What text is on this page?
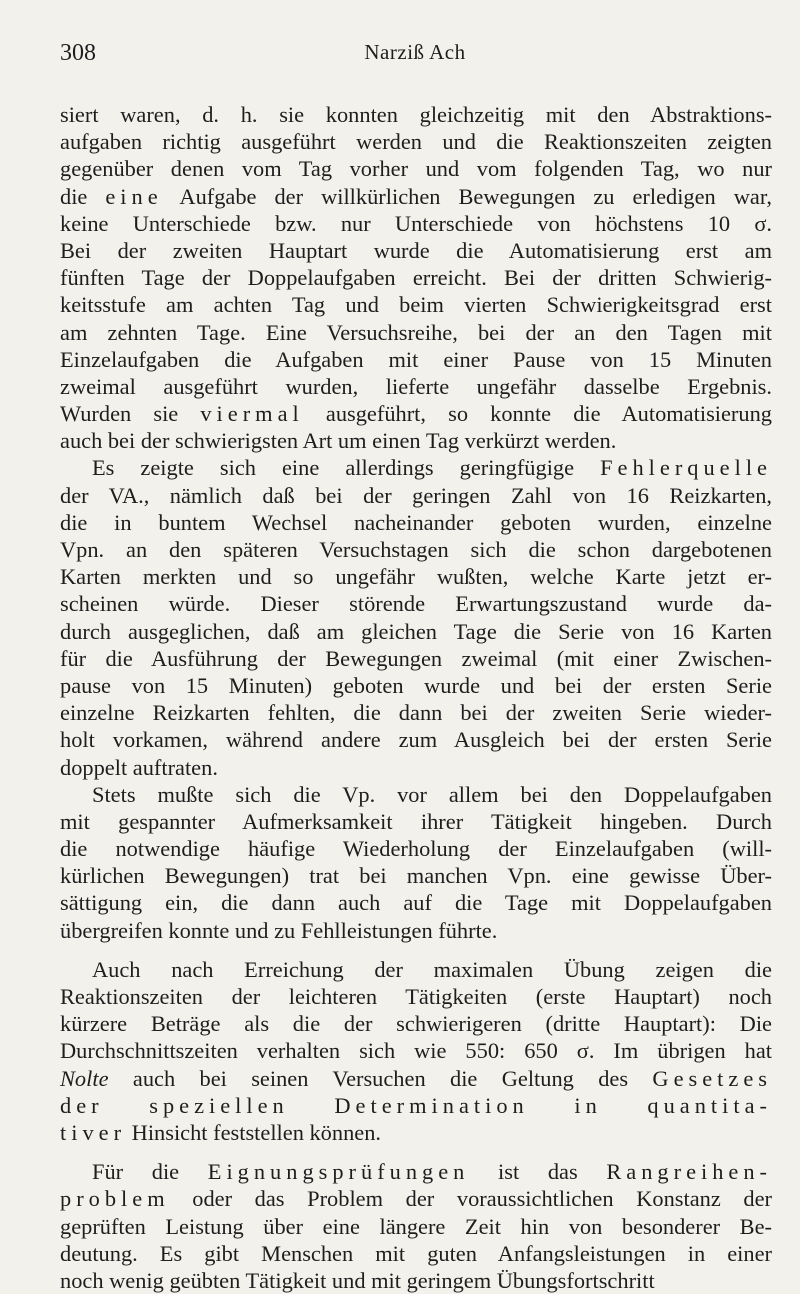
308	Narziß Ach
siert waren, d. h. sie konnten gleichzeitig mit den Abstraktions-
aufgaben richtig ausgeführt werden und die Reaktionszeiten zeigten
gegenüber denen vom Tag vorher und vom folgenden Tag, wo nur
die eine Aufgabe der willkürlichen Bewegungen zu erledigen war,
keine Unterschiede bzw. nur Unterschiede von höchstens 10 σ.
Bei der zweiten Hauptart wurde die Automatisierung erst am
fünften Tage der Doppelaufgaben erreicht. Bei der dritten Schwierig-
keitsstufe am achten Tag und beim vierten Schwierigkeitsgrad erst
am zehnten Tage. Eine Versuchsreihe, bei der an den Tagen mit
Einzelaufgaben die Aufgaben mit einer Pause von 15 Minuten
zweimal ausgeführt wurden, lieferte ungefähr dasselbe Ergebnis.
Wurden sie viermal ausgeführt, so konnte die Automatisierung
auch bei der schwierigsten Art um einen Tag verkürzt werden.
Es zeigte sich eine allerdings geringfügige Fehlerquelle
der VA., nämlich daß bei der geringen Zahl von 16 Reizkarten,
die in buntem Wechsel nacheinander geboten wurden, einzelne
Vpn. an den späteren Versuchstagen sich die schon dargebotenen
Karten merkten und so ungefähr wußten, welche Karte jetzt er-
scheinen würde. Dieser störende Erwartungszustand wurde da-
durch ausgeglichen, daß am gleichen Tage die Serie von 16 Karten
für die Ausführung der Bewegungen zweimal (mit einer Zwischen-
pause von 15 Minuten) geboten wurde und bei der ersten Serie
einzelne Reizkarten fehlten, die dann bei der zweiten Serie wieder-
holt vorkamen, während andere zum Ausgleich bei der ersten Serie
doppelt auftraten.
Stets mußte sich die Vp. vor allem bei den Doppelaufgaben
mit gespannter Aufmerksamkeit ihrer Tätigkeit hingeben. Durch
die notwendige häufige Wiederholung der Einzelaufgaben (will-
kürlichen Bewegungen) trat bei manchen Vpn. eine gewisse Über-
sättigung ein, die dann auch auf die Tage mit Doppelaufgaben
übergreifen konnte und zu Fehlleistungen führte.
Auch nach Erreichung der maximalen Übung zeigen die
Reaktionszeiten der leichteren Tätigkeiten (erste Hauptart) noch
kürzere Beträge als die der schwierigeren (dritte Hauptart): Die
Durchschnittszeiten verhalten sich wie 550: 650 σ. Im übrigen hat
Nolte auch bei seinen Versuchen die Geltung des Gesetzes
der speziellen Determination in quantita-
tiver Hinsicht feststellen können.
Für die Eignungsprüfungen ist das Rangreihen-
problem oder das Problem der voraussichtlichen Konstanz der
geprüften Leistung über eine längere Zeit hin von besonderer Be-
deutung. Es gibt Menschen mit guten Anfangsleistungen in einer
noch wenig geübten Tätigkeit und mit geringem Übungsfortschritt
